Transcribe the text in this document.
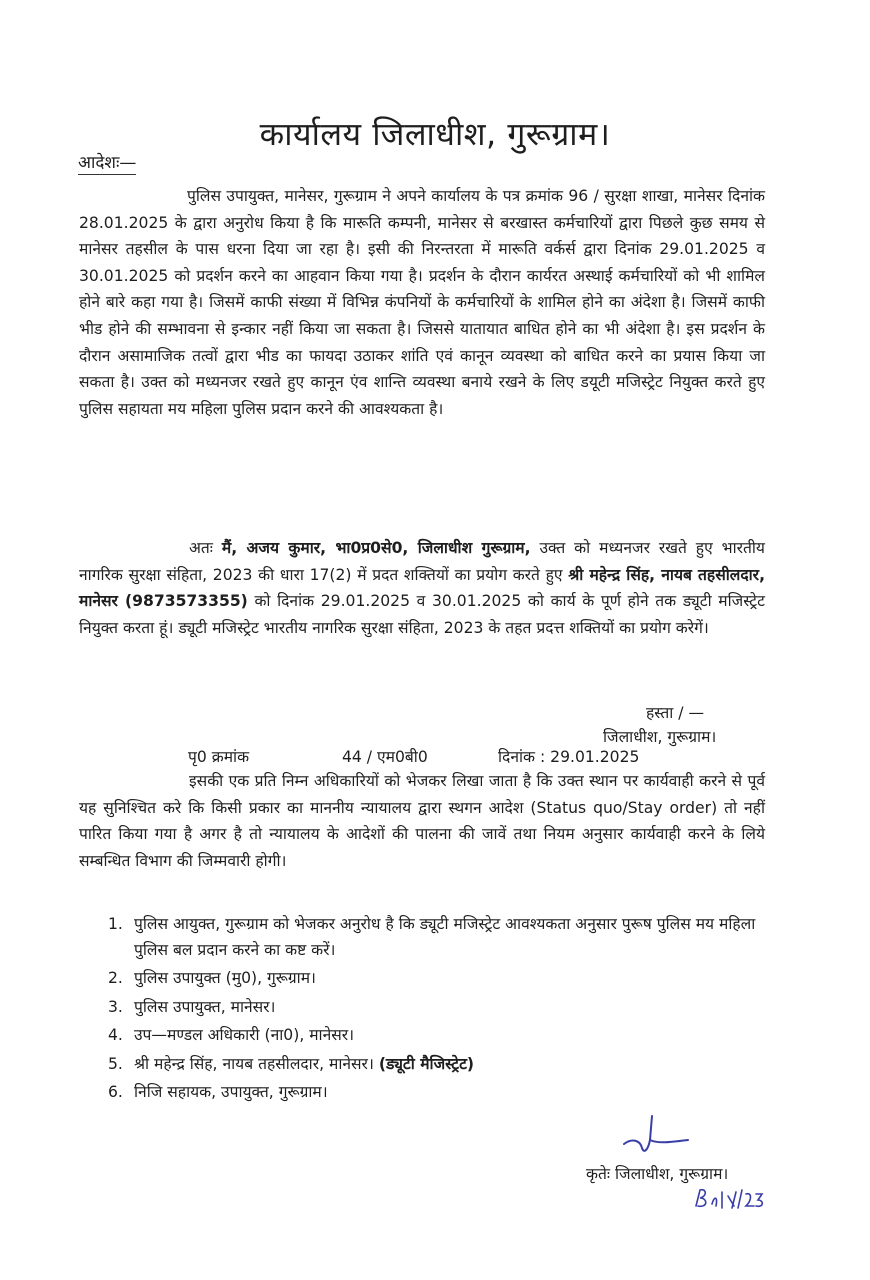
कार्यालय जिलाधीश, गुरूग्राम।
आदेशः—

पुलिस उपायुक्त, मानेसर, गुरूग्राम ने अपने कार्यालय के पत्र क्रमांक 96 / सुरक्षा शाखा, मानेसर दिनांक 28.01.2025 के द्वारा अनुरोध किया है कि मारूति कम्पनी, मानेसर से बरखास्त कर्मचारियों द्वारा पिछले कुछ समय से मानेसर तहसील के पास धरना दिया जा रहा है। इसी की निरन्तरता में मारूति वर्कर्स द्वारा दिनांक 29.01.2025 व 30.01.2025 को प्रदर्शन करने का आहवान किया गया है। प्रदर्शन के दौरान कार्यरत अस्थाई कर्मचारियों को भी शामिल होने बारे कहा गया है। जिसमें काफी संख्या में विभिन्न कंपनियों के कर्मचारियों के शामिल होने का अंदेशा है। जिसमें काफी भीड होने की सम्भावना से इन्कार नहीं किया जा सकता है। जिससे यातायात बाधित होने का भी अंदेशा है। इस प्रदर्शन के दौरान असामाजिक तत्वों द्वारा भीड का फायदा उठाकर शांति एवं कानून व्यवस्था को बाधित करने का प्रयास किया जा सकता है। उक्त को मध्यनजर रखते हुए कानून एंव शान्ति व्यवस्था बनाये रखने के लिए डयूटी मजिस्ट्रेट नियुक्त करते हुए पुलिस सहायता मय महिला पुलिस प्रदान करने की आवश्यकता है।

अतः मैं, अजय कुमार, भा0प्र0से0, जिलाधीश गुरूग्राम, उक्त को मध्यनजर रखते हुए भारतीय नागरिक सुरक्षा संहिता, 2023 की धारा 17(2) में प्रदत शक्तियों का प्रयोग करते हुए श्री महेन्द्र सिंह, नायब तहसीलदार, मानेसर (9873573355) को दिनांक 29.01.2025 व 30.01.2025 को कार्य के पूर्ण होने तक ड्यूटी मजिस्ट्रेट नियुक्त करता हूं। ड्यूटी मजिस्ट्रेट भारतीय नागरिक सुरक्षा संहिता, 2023 के तहत प्रदत्त शक्तियों का प्रयोग करेगें।

हस्ता / —
जिलाधीश, गुरूग्राम।
पृ0 क्रमांक	44 / एम0बी0	दिनांक : 29.01.2025

इसकी एक प्रति निम्न अधिकारियों को भेजकर लिखा जाता है कि उक्त स्थान पर कार्यवाही करने से पूर्व यह सुनिश्चित करे कि किसी प्रकार का माननीय न्यायालय द्वारा स्थगन आदेश (Status quo/Stay order) तो नहीं पारित किया गया है अगर है तो न्यायालय के आदेशों की पालना की जावें तथा नियम अनुसार कार्यवाही करने के लिये सम्बन्धित विभाग की जिम्मवारी होगी।

1. पुलिस आयुक्त, गुरूग्राम को भेजकर अनुरोध है कि ड्यूटी मजिस्ट्रेट आवश्यकता अनुसार पुरूष पुलिस मय महिला पुलिस बल प्रदान करने का कष्ट करें।
2. पुलिस उपायुक्त (मु0), गुरूग्राम।
3. पुलिस उपायुक्त, मानेसर।
4. उप—मण्डल अधिकारी (ना0), मानेसर।
5. श्री महेन्द्र सिंह, नायब तहसीलदार, मानेसर। (ड्यूटी मैजिस्ट्रेट)
6. निजि सहायक, उपायुक्त, गुरूग्राम।
कृतेः जिलाधीश, गुरूग्राम।
